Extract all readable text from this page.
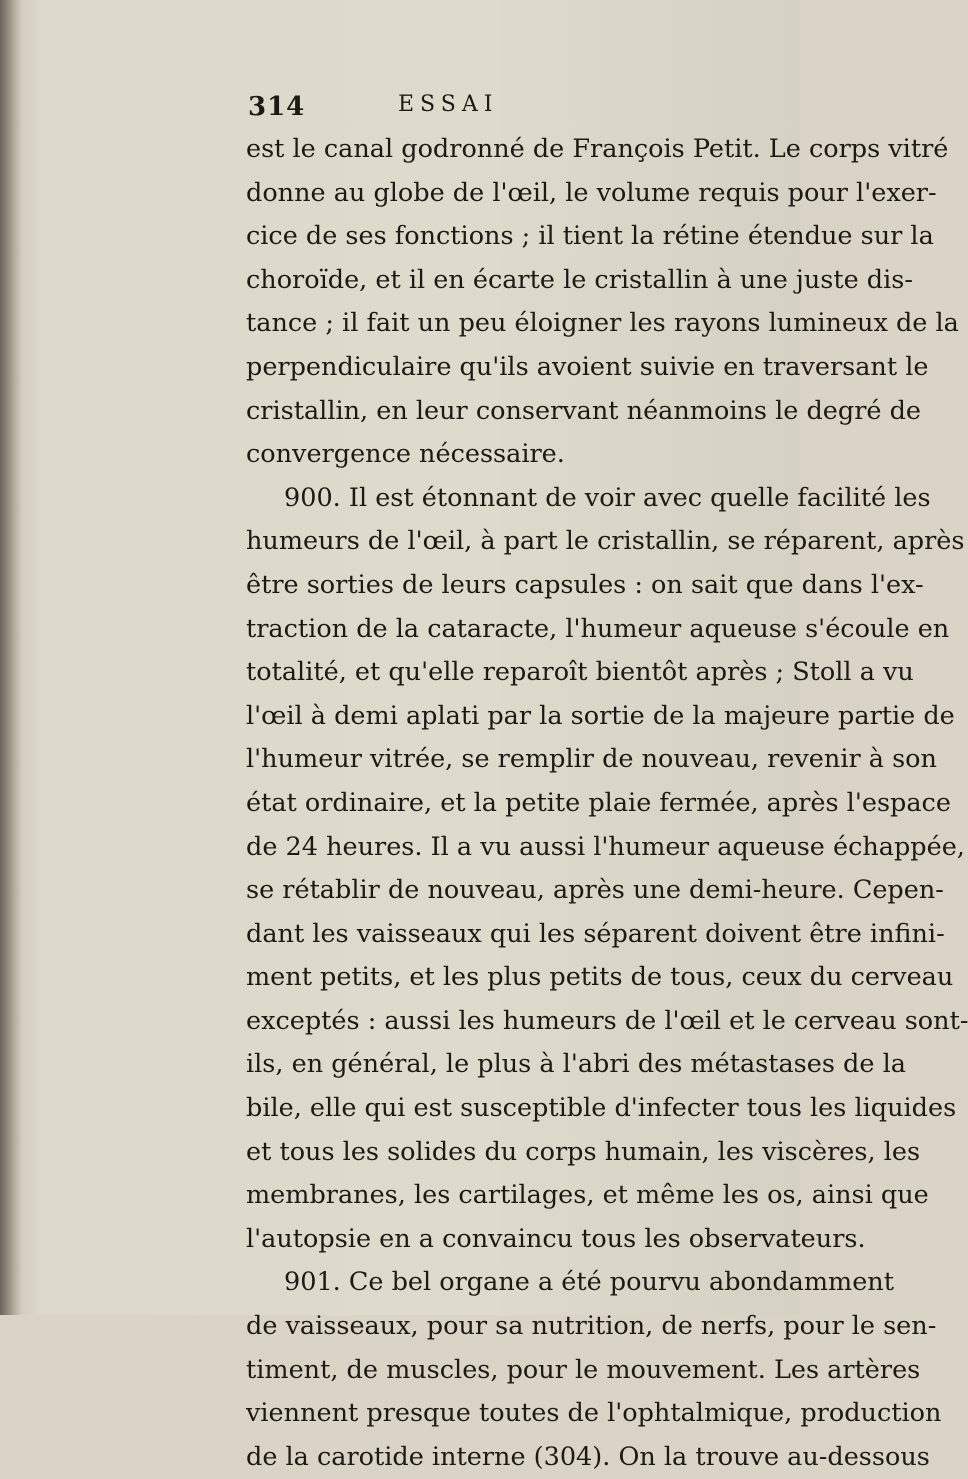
314	ESSAI
est le canal godronné de François Petit. Le corps vitré
donne au globe de l'œil, le volume requis pour l'exer-
cice de ses fonctions ; il tient la rétine étendue sur la
choroïde, et il en écarte le cristallin à une juste dis-
tance ; il fait un peu éloigner les rayons lumineux de la
perpendiculaire qu'ils avoient suivie en traversant le
cristallin, en leur conservant néanmoins le degré de
convergence nécessaire.
900. Il est étonnant de voir avec quelle facilité les
humeurs de l'œil, à part le cristallin, se réparent, après
être sorties de leurs capsules : on sait que dans l'ex-
traction de la cataracte, l'humeur aqueuse s'écoule en
totalité, et qu'elle reparoît bientôt après ; Stoll a vu
l'œil à demi aplati par la sortie de la majeure partie de
l'humeur vitrée, se remplir de nouveau, revenir à son
état ordinaire, et la petite plaie fermée, après l'espace
de 24 heures. Il a vu aussi l'humeur aqueuse échappée,
se rétablir de nouveau, après une demi-heure. Cepen-
dant les vaisseaux qui les séparent doivent être infini-
ment petits, et les plus petits de tous, ceux du cerveau
exceptés : aussi les humeurs de l'œil et le cerveau sont-
ils, en général, le plus à l'abri des métastases de la
bile, elle qui est susceptible d'infecter tous les liquides
et tous les solides du corps humain, les viscères, les
membranes, les cartilages, et même les os, ainsi que
l'autopsie en a convaincu tous les observateurs.
901. Ce bel organe a été pourvu abondamment
de vaisseaux, pour sa nutrition, de nerfs, pour le sen-
timent, de muscles, pour le mouvement. Les artères
viennent presque toutes de l'ophtalmique, production
de la carotide interne (304). On la trouve au-dessous
